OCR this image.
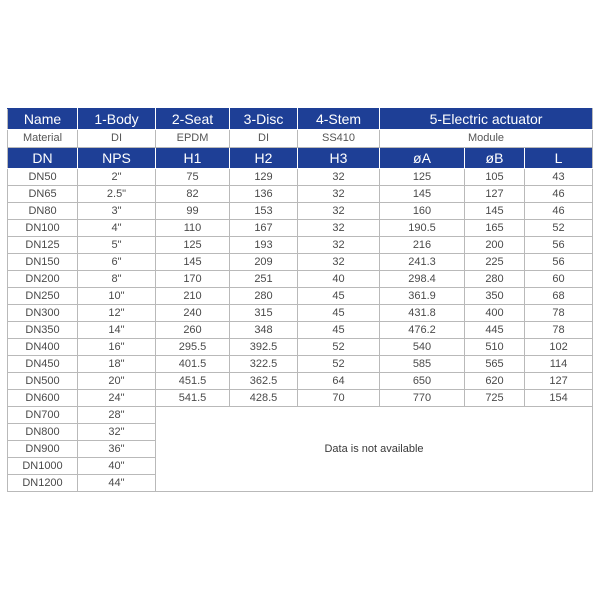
Name	1-Body	2-Seat	3-Disc	4-Stem	5-Electric actuator		
Material	DI	EPDM	DI	SS410	Module		
DN	NPS	H1	H2	H3	øA	øB	L
DN50	2"	75	129	32	125	105	43
DN65	2.5"	82	136	32	145	127	46
DN80	3"	99	153	32	160	145	46
DN100	4"	110	167	32	190.5	165	52
DN125	5"	125	193	32	216	200	56
DN150	6"	145	209	32	241.3	225	56
DN200	8"	170	251	40	298.4	280	60
DN250	10"	210	280	45	361.9	350	68
DN300	12"	240	315	45	431.8	400	78
DN350	14"	260	348	45	476.2	445	78
DN400	16"	295.5	392.5	52	540	510	102
DN450	18"	401.5	322.5	52	585	565	114
DN500	20"	451.5	362.5	64	650	620	127
DN600	24"	541.5	428.5	70	770	725	154
DN700	28"	Data is not available					
DN800	32"						
DN900	36"						
DN1000	40"						
DN1200	44"						
